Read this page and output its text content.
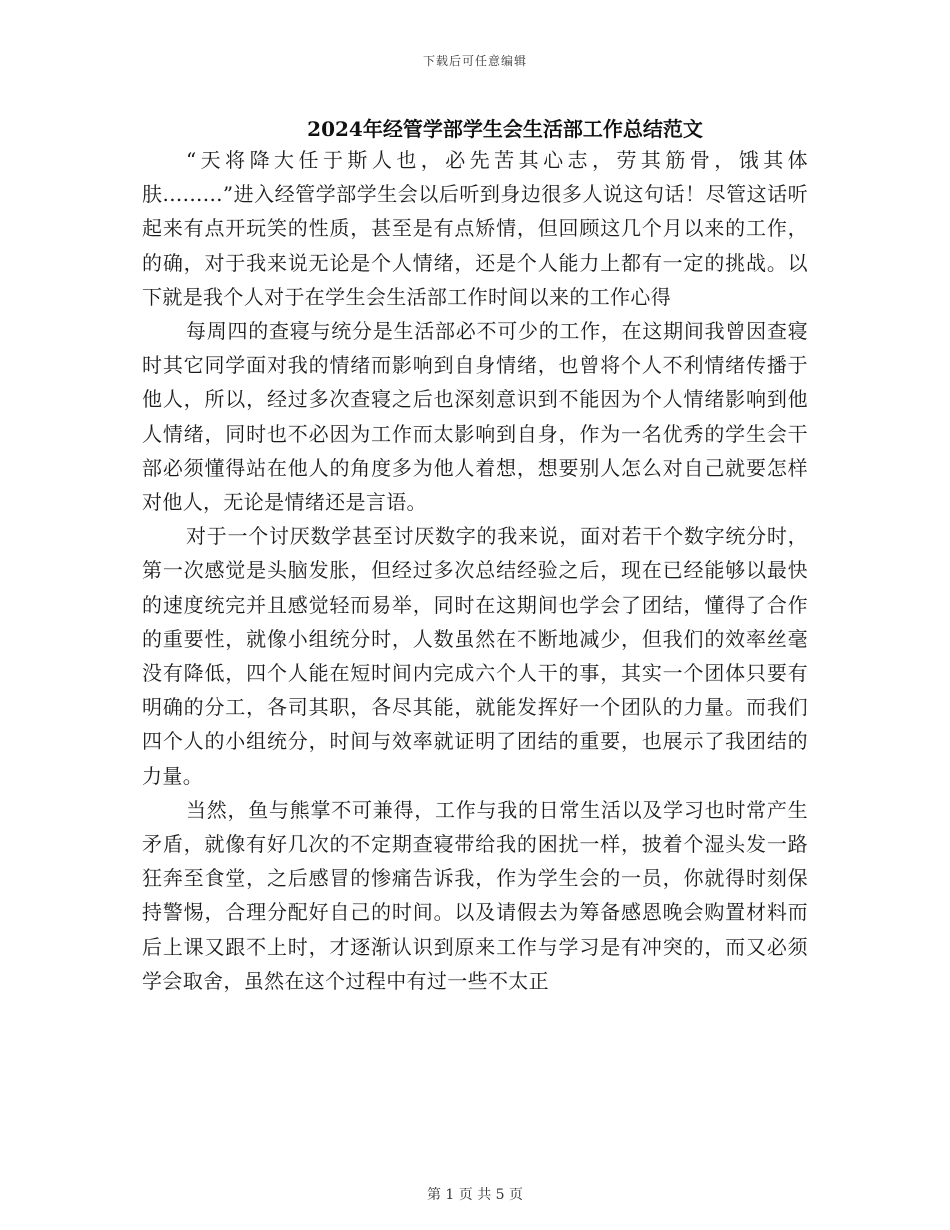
下载后可任意编辑
2024年经管学部学生会生活部工作总结范文

“天将降大任于斯人也，必先苦其心志，劳其筋骨，饿其体肤.........”进入经管学部学生会以后听到身边很多人说这句话！尽管这话听起来有点开玩笑的性质，甚至是有点矫情，但回顾这几个月以来的工作，的确，对于我来说无论是个人情绪，还是个人能力上都有一定的挑战。以下就是我个人对于在学生会生活部工作时间以来的工作心得

每周四的查寝与统分是生活部必不可少的工作，在这期间我曾因查寝时其它同学面对我的情绪而影响到自身情绪，也曾将个人不利情绪传播于他人，所以，经过多次查寝之后也深刻意识到不能因为个人情绪影响到他人情绪，同时也不必因为工作而太影响到自身，作为一名优秀的学生会干部必须懂得站在他人的角度多为他人着想，想要别人怎么对自己就要怎样对他人，无论是情绪还是言语。

对于一个讨厌数学甚至讨厌数字的我来说，面对若干个数字统分时，第一次感觉是头脑发胀，但经过多次总结经验之后，现在已经能够以最快的速度统完并且感觉轻而易举，同时在这期间也学会了团结，懂得了合作的重要性，就像小组统分时，人数虽然在不断地减少，但我们的效率丝毫没有降低，四个人能在短时间内完成六个人干的事，其实一个团体只要有明确的分工，各司其职，各尽其能，就能发挥好一个团队的力量。而我们四个人的小组统分，时间与效率就证明了团结的重要，也展示了我团结的力量。

当然，鱼与熊掌不可兼得，工作与我的日常生活以及学习也时常产生矛盾，就像有好几次的不定期查寝带给我的困扰一样，披着个湿头发一路狂奔至食堂，之后感冒的惨痛告诉我，作为学生会的一员，你就得时刻保持警惕，合理分配好自己的时间。以及请假去为筹备感恩晚会购置材料而后上课又跟不上时，才逐渐认识到原来工作与学习是有冲突的，而又必须学会取舍，虽然在这个过程中有过一些不太正

第 1 页 共 5 页
